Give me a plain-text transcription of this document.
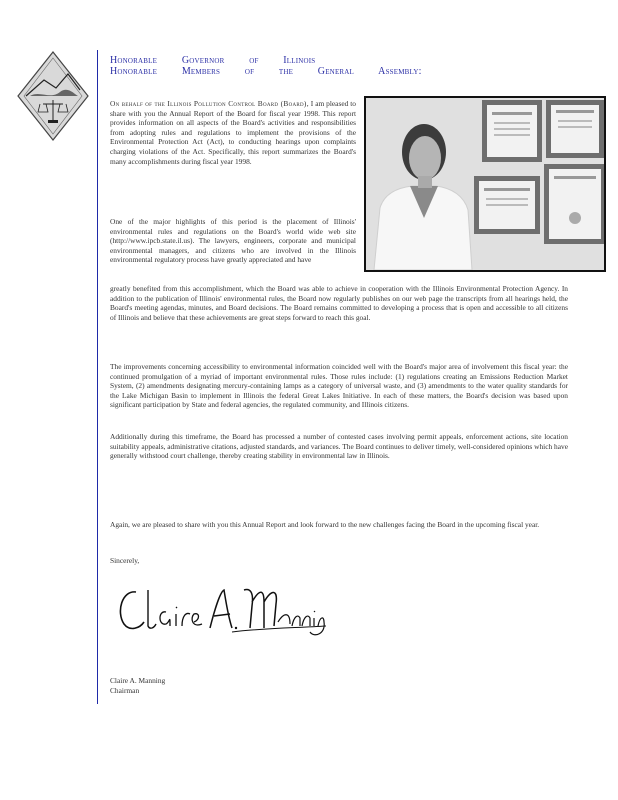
Honorable Governor of Illinois
Honorable Members of the General Assembly:
On behalf of the Illinois Pollution Control Board (Board), I am pleased to share with you the Annual Report of the Board for fiscal year 1998. This report provides information on all aspects of the Board's activities and responsibilities from adopting rules and regulations to implement the provisions of the Environmental Protection Act (Act), to conducting hearings upon complaints charging violations of the Act. Specifically, this report summarizes the Board's many accomplishments during fiscal year 1998.
One of the major highlights of this period is the placement of Illinois' environmental rules and regulations on the Board's world wide web site (http://www.ipcb.state.il.us). The lawyers, engineers, corporate and municipal environmental managers, and citizens who are involved in the Illinois environmental regulatory process have greatly appreciated and have
greatly benefited from this accomplishment, which the Board was able to achieve in cooperation with the Illinois Environmental Protection Agency. In addition to the publication of Illinois' environmental rules, the Board now regularly publishes on our web page the transcripts from all hearings held, the Board's meeting agendas, minutes, and Board decisions. The Board remains committed to developing a process that is open and accessible to all citizens of Illinois and believe that these achievements are great steps forward to reach this goal.
The improvements concerning accessibility to environmental information coincided well with the Board's major area of involvement this fiscal year: the continued promulgation of a myriad of important environmental rules. Those rules include: (1) regulations creating an Emissions Reduction Market System, (2) amendments designating mercury-containing lamps as a category of universal waste, and (3) amendments to the water quality standards for the Lake Michigan Basin to implement in Illinois the federal Great Lakes Initiative. In each of these matters, the Board's decision was based upon significant participation by State and federal agencies, the regulated community, and Illinois citizens.
Additionally during this timeframe, the Board has processed a number of contested cases involving permit appeals, enforcement actions, site location suitability appeals, administrative citations, adjusted standards, and variances. The Board continues to deliver timely, well-considered opinions which have generally withstood court challenge, thereby creating stability in environmental law in Illinois.
Again, we are pleased to share with you this Annual Report and look forward to the new challenges facing the Board in the upcoming fiscal year.
Sincerely,
Claire A. Manning
Chairman
